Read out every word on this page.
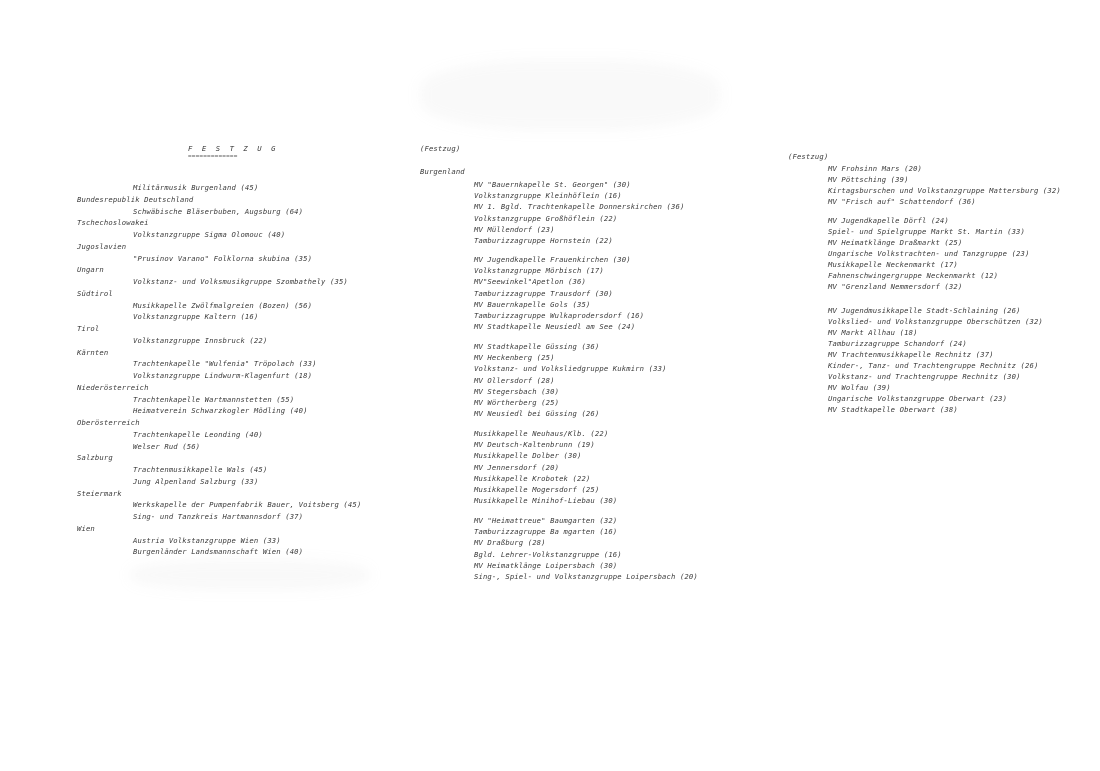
F E S T Z U G
=============
Militärmusik Burgenland (45)
Bundesrepublik Deutschland
Schwäbische Bläserbuben, Augsburg (64)
Tschechoslowakei
Volkstanzgruppe Sigma Olomouc (40)
Jugoslavien
"Prusinov Varano" Folklorna skubina (35)
Ungarn
Volkstanz- und Volksmusikgruppe Szombathely (35)
Südtirol
Musikkapelle Zwölfmalgreien (Bozen) (56)
Volkstanzgruppe Kaltern (16)
Tirol
Volkstanzgruppe Innsbruck (22)
Kärnten
Trachtenkapelle "Wulfenia" Tröpolach (33)
Volkstanzgruppe Lindwurm-Klagenfurt (18)
Niederösterreich
Trachtenkapelle Wartmannstetten (55)
Heimatverein Schwarzkogler Mödling (40)
Oberösterreich
Trachtenkapelle Leonding (40)
Welser Rud (56)
Salzburg
Trachtenmusikkapelle Wals (45)
Jung Alpenland Salzburg (33)
Steiermark
Werkskapelle der Pumpenfabrik Bauer, Voitsberg (45)
Sing- und Tanzkreis Hartmannsdorf (37)
Wien
Austria Volkstanzgruppe Wien (33)
Burgenländer Landsmannschaft Wien (40)
(Festzug)
Burgenland
MV "Bauernkapelle St. Georgen" (30)
Volkstanzgruppe Kleinhöflein (16)
MV 1. Bgld. Trachtenkapelle Donnerskirchen (36)
Volkstanzgruppe Großhöflein (22)
MV Müllendorf (23)
Tamburizzagruppe Hornstein (22)
MV Jugendkapelle Frauenkirchen (30)
Volkstanzgruppe Mörbisch (17)
MV"Seewinkel"Apetlon (36)
Tamburizzagruppe Trausdorf (30)
MV Bauernkapelle Gols (35)
Tamburizzagruppe Wulkaprodersdorf (16)
MV Stadtkapelle Neusiedl am See (24)
MV Stadtkapelle Güssing (36)
MV Heckenberg (25)
Volkstanz- und Volksliedgruppe Kukmirn (33)
MV Ollersdorf (28)
MV Stegersbach (30)
MV Wörtherberg (25)
MV Neusiedl bei Güssing (26)
Musikkapelle Neuhaus/Klb. (22)
MV Deutsch-Kaltenbrunn (19)
Musikkapelle Dolber (30)
MV Jennersdorf (20)
Musikkapelle Krobotek (22)
Musikkapelle Mogersdorf (25)
Musikkapelle Minihof-Liebau (30)
MV "Heimattreue" Baumgarten (32)
Tamburizzagruppe Ba mgarten (16)
MV Draßburg (28)
Bgld. Lehrer-Volkstanzgruppe (16)
MV Heimatklänge Loipersbach (30)
Sing-, Spiel- und Volkstanzgruppe Loipersbach (20)
(Festzug)
MV Frohsinn Mars (20)
MV Pöttsching (39)
Kirtagsburschen und Volkstanzgruppe Mattersburg (32)
MV "Frisch auf" Schattendorf (36)
MV Jugendkapelle Dörfl (24)
Spiel- und Spielgruppe Markt St. Martin (33)
MV Heimatklänge Draßmarkt (25)
Ungarische Volkstrachten- und Tanzgruppe (23)
Musikkapelle Neckenmarkt (17)
Fahnenschwingergruppe Neckenmarkt (12)
MV "Grenzland Nemmersdorf (32)
MV Jugendmusikkapelle Stadt-Schlaining (26)
Volkslied- und Volkstanzgruppe Oberschützen (32)
MV Markt Allhau (18)
Tamburizzagruppe Schandorf (24)
MV Trachtenmusikkapelle Rechnitz (37)
Kinder-, Tanz- und Trachtengruppe Rechnitz (26)
Volkstanz- und Trachtengruppe Rechnitz (30)
MV Wolfau (39)
Ungarische Volkstanzgruppe Oberwart (23)
MV Stadtkapelle Oberwart (38)
